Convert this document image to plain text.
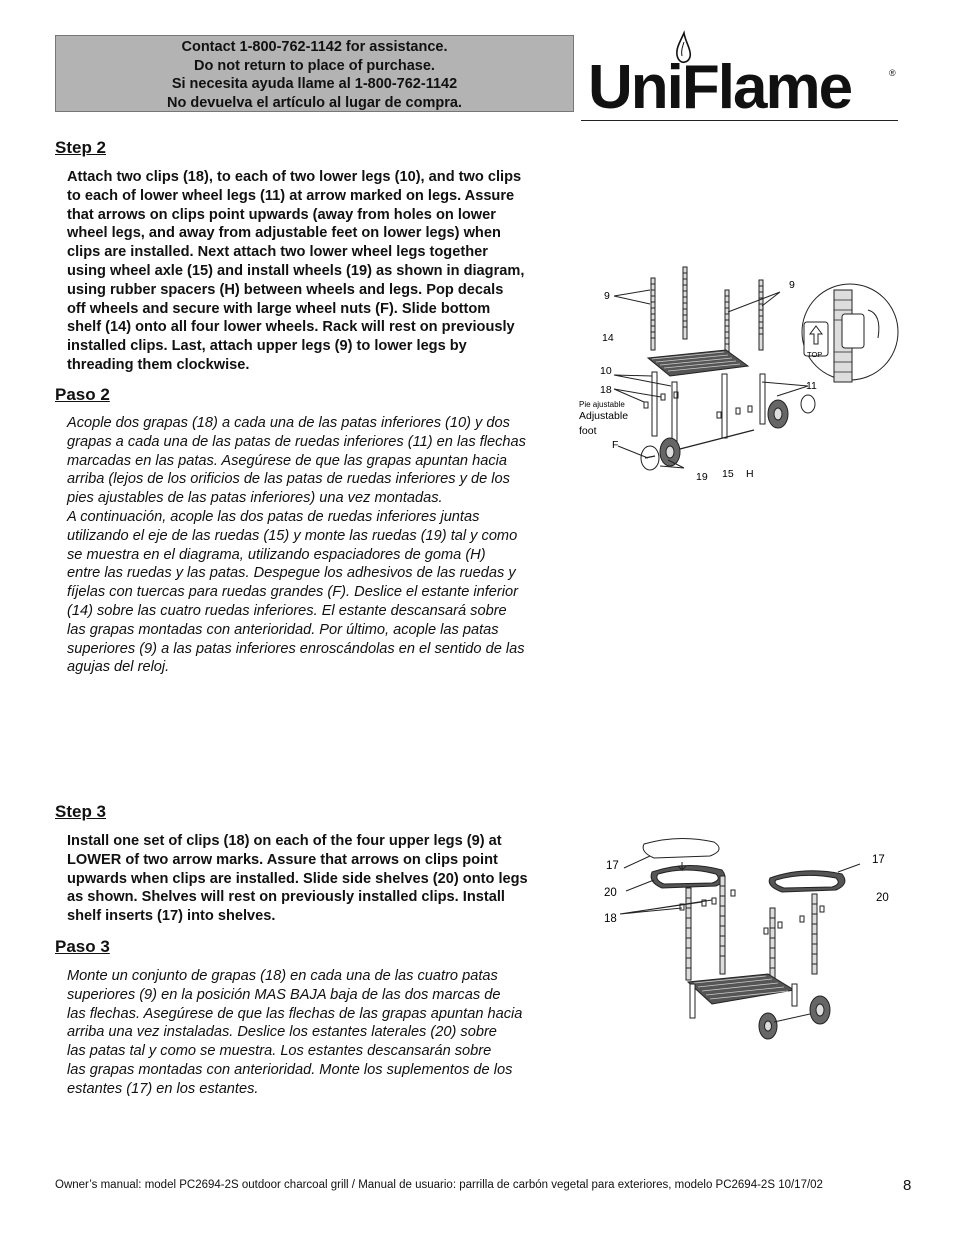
Contact 1-800-762-1142 for assistance.
Do not return to place of purchase.
Si necesita ayuda llame al 1-800-762-1142
No devuelva el artículo al lugar de compra.	UniFlame	®
Step 2
Attach two clips (18), to each of two lower legs (10), and two clips
to each of lower wheel legs (11) at arrow marked on legs. Assure
that arrows on clips point upwards (away from holes on lower
wheel legs, and away from adjustable feet on lower legs) when
clips are installed. Next attach two lower wheel legs together
using wheel axle (15) and install wheels (19) as shown in diagram,
using rubber spacers (H) between wheels and legs. Pop decals
off wheels and secure with large wheel nuts (F). Slide bottom
shelf (14) onto all four lower wheels. Rack will rest on previously
installed clips. Last, attach upper legs (9) to lower legs by
threading them clockwise.
Paso 2
Acople dos grapas (18) a cada una de las patas inferiores (10) y dos
grapas a cada una de las patas de ruedas inferiores (11) en las flechas
marcadas en las patas. Asegúrese de que las grapas apuntan hacia
arriba (lejos de los orificios de las patas de ruedas inferiores y de los
pies ajustables de las patas inferiores) una vez montadas.
A continuación, acople las dos patas de ruedas inferiores juntas
utilizando el eje de las ruedas (15) y monte las ruedas (19) tal y como
se muestra en el diagrama, utilizando espaciadores de goma (H)
entre las ruedas y las patas. Despegue los adhesivos de las ruedas y
fíjelas con tuercas para ruedas grandes (F). Deslice el estante inferior
(14) sobre las cuatro ruedas inferiores. El estante descansará sobre
las grapas montadas con anterioridad. Por último, acople las patas
superiores (9) a las patas inferiores enroscándolas en el sentido de las
agujas del reloj.
9
9
14
10
18
Pie ajustable
Adjustable
foot
F
19 15 H
11
TOP
Step 3
Install one set of clips (18) on each of the four upper legs (9) at
LOWER of two arrow marks. Assure that arrows on clips point
upwards when clips are installed. Slide side shelves (20) onto legs
as shown. Shelves will rest on previously installed clips. Install
shelf inserts (17) into shelves.
Paso 3
Monte un conjunto de grapas (18) en cada una de las cuatro patas
superiores (9) en la posición MAS BAJA baja de las dos marcas de
las flechas. Asegúrese de que las flechas de las grapas apuntan hacia
arriba una vez instaladas. Deslice los estantes laterales (20) sobre
las patas tal y como se muestra. Los estantes descansarán sobre
las grapas montadas con anterioridad. Monte los suplementos de los
estantes (17) en los estantes.
17
20
18
17
20
Owner’s manual: model PC2694-2S outdoor charcoal grill / Manual de usuario: parrilla de carbón vegetal para exteriores, modelo PC2694-2S 10/17/02	8
